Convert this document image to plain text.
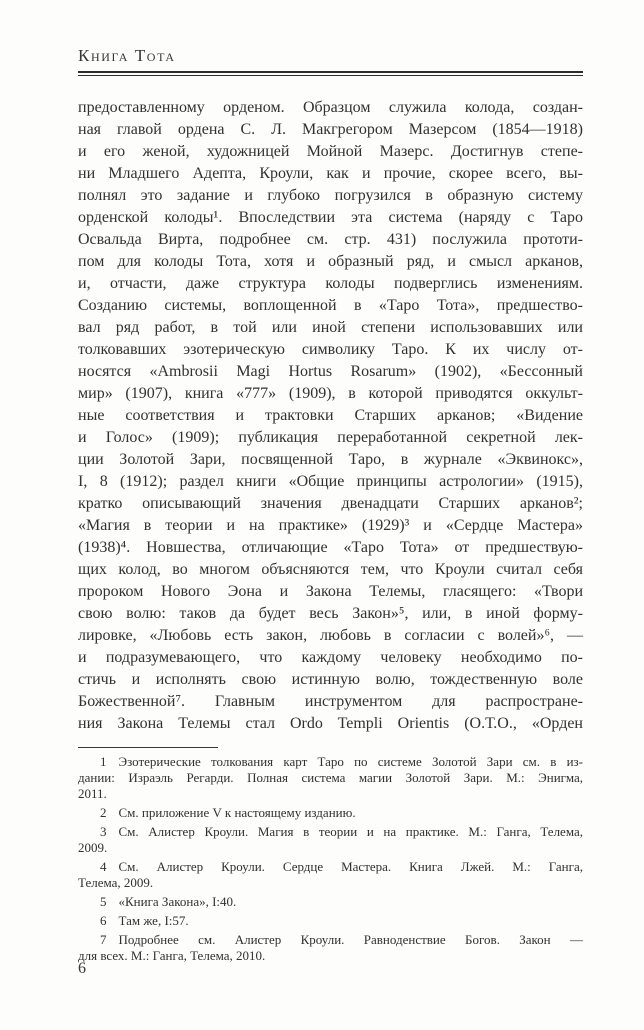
Книга Тота
предоставленному орденом. Образцом служила колода, создан-
ная главой ордена С. Л. Макгрегором Мазерсом (1854—1918)
и его женой, художницей Мойной Мазерс. Достигнув степе-
ни Младшего Адепта, Кроули, как и прочие, скорее всего, вы-
полнял это задание и глубоко погрузился в образную систему
орденской колоды¹. Впоследствии эта система (наряду с Таро
Освальда Вирта, подробнее см. стр. 431) послужила прототи-
пом для колоды Тота, хотя и образный ряд, и смысл арканов,
и, отчасти, даже структура колоды подверглись изменениям.
Созданию системы, воплощенной в «Таро Тота», предшество-
вал ряд работ, в той или иной степени использовавших или
толковавших эзотерическую символику Таро. К их числу от-
носятся «Ambrosii Magi Hortus Rosarum» (1902), «Бессонный
мир» (1907), книга «777» (1909), в которой приводятся оккульт-
ные соответствия и трактовки Старших арканов; «Видение
и Голос» (1909); публикация переработанной секретной лек-
ции Золотой Зари, посвященной Таро, в журнале «Эквинокс»,
I, 8 (1912); раздел книги «Общие принципы астрологии» (1915),
кратко описывающий значения двенадцати Старших арканов²;
«Магия в теории и на практике» (1929)³ и «Сердце Мастера»
(1938)⁴. Новшества, отличающие «Таро Тота» от предшествую-
щих колод, во многом объясняются тем, что Кроули считал себя
пророком Нового Эона и Закона Телемы, гласящего: «Твори
свою волю: таков да будет весь Закон»⁵, или, в иной форму-
лировке, «Любовь есть закон, любовь в согласии с волей»⁶, —
и подразумевающего, что каждому человеку необходимо по-
стичь и исполнять свою истинную волю, тождественную воле
Божественной⁷. Главным инструментом для распростране-
ния Закона Телемы стал Ordo Templi Orientis (О.Т.О., «Орден
1 Эзотерические толкования карт Таро по системе Золотой Зари см. в из-
дании: Израэль Регарди. Полная система магии Золотой Зари. М.: Энигма,
2011.
2 См. приложение V к настоящему изданию.
3 См. Алистер Кроули. Магия в теории и на практике. М.: Ганга, Телема,
2009.
4 См. Алистер Кроули. Сердце Мастера. Книга Лжей. М.: Ганга,
Телема, 2009.
5 «Книга Закона», I:40.
6 Там же, I:57.
7 Подробнее см. Алистер Кроули. Равноденствие Богов. Закон —
для всех. М.: Ганга, Телема, 2010.
6
